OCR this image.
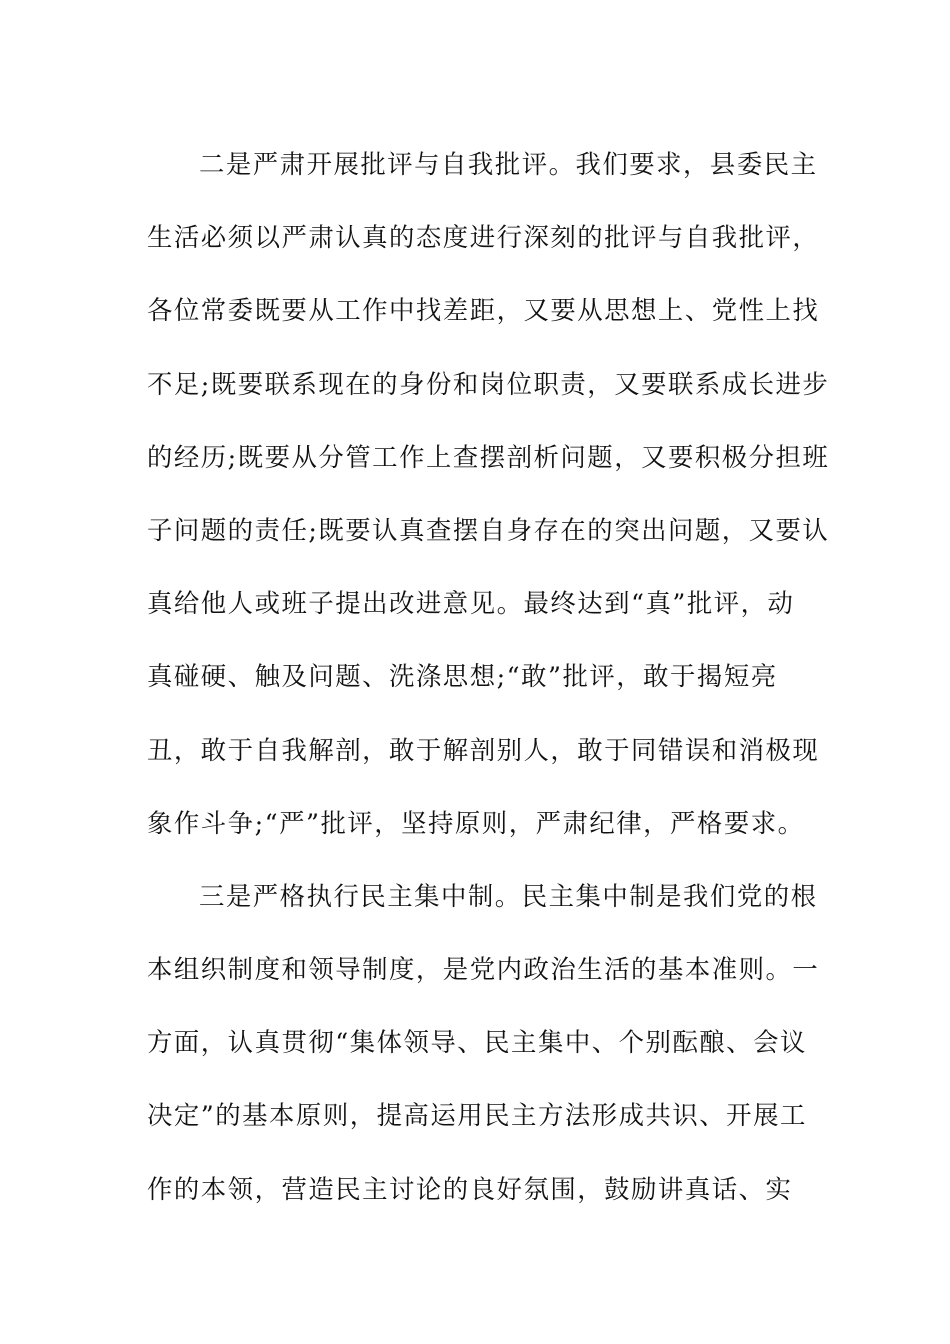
二是严肃开展批评与自我批评。我们要求，县委民主
生活必须以严肃认真的态度进行深刻的批评与自我批评，
各位常委既要从工作中找差距，又要从思想上、党性上找
不足;既要联系现在的身份和岗位职责，又要联系成长进步
的经历;既要从分管工作上查摆剖析问题，又要积极分担班
子问题的责任;既要认真查摆自身存在的突出问题，又要认
真给他人或班子提出改进意见。最终达到“真”批评，动
真碰硬、触及问题、洗涤思想;“敢”批评，敢于揭短亮
丑，敢于自我解剖，敢于解剖别人，敢于同错误和消极现
象作斗争;“严”批评，坚持原则，严肃纪律，严格要求。
三是严格执行民主集中制。民主集中制是我们党的根
本组织制度和领导制度，是党内政治生活的基本准则。一
方面，认真贯彻“集体领导、民主集中、个别酝酿、会议
决定”的基本原则，提高运用民主方法形成共识、开展工
作的本领，营造民主讨论的良好氛围，鼓励讲真话、实
